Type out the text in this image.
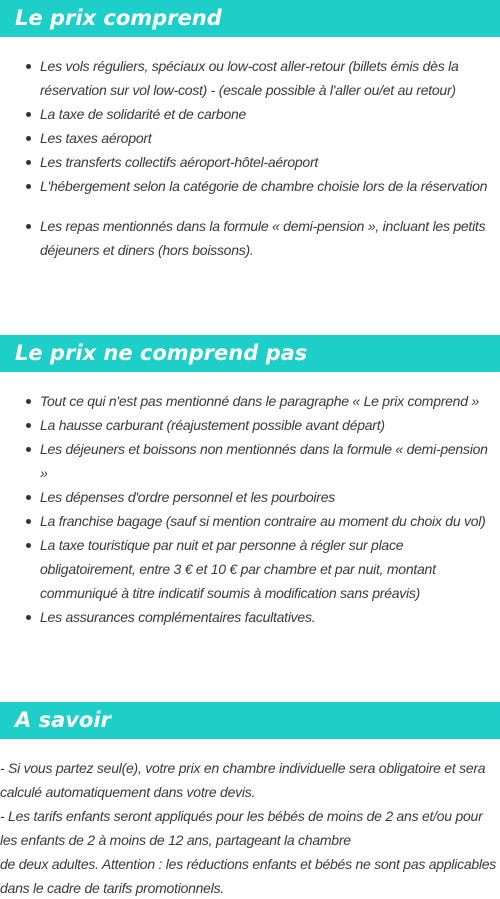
Le prix comprend
Les vols réguliers, spéciaux ou low-cost aller-retour (billets émis dès la réservation sur vol low-cost) - (escale possible à l'aller ou/et au retour)
La taxe de solidarité et de carbone
Les taxes aéroport
Les transferts collectifs aéroport-hôtel-aéroport
L'hébergement selon la catégorie de chambre choisie lors de la réservation
Les repas mentionnés dans la formule « demi-pension », incluant les petits déjeuners et diners (hors boissons).
Le prix ne comprend pas
Tout ce qui n'est pas mentionné dans le paragraphe « Le prix comprend »
La hausse carburant (réajustement possible avant départ)
Les déjeuners et boissons non mentionnés dans la formule « demi-pension »
Les dépenses d'ordre personnel et les pourboires
La franchise bagage (sauf si mention contraire au moment du choix du vol)
La taxe touristique par nuit et par personne à régler sur place obligatoirement, entre 3 € et 10 € par chambre et par nuit, montant communiqué à titre indicatif soumis à modification sans préavis)
Les assurances complémentaires facultatives.
A savoir

- Si vous partez seul(e), votre prix en chambre individuelle sera obligatoire et sera calculé automatiquement dans votre devis.

- Les tarifs enfants seront appliqués pour les bébés de moins de 2 ans et/ou pour les enfants de 2 à moins de 12 ans, partageant la chambre

de deux adultes. Attention : les réductions enfants et bébés ne sont pas applicables dans le cadre de tarifs promotionnels.
